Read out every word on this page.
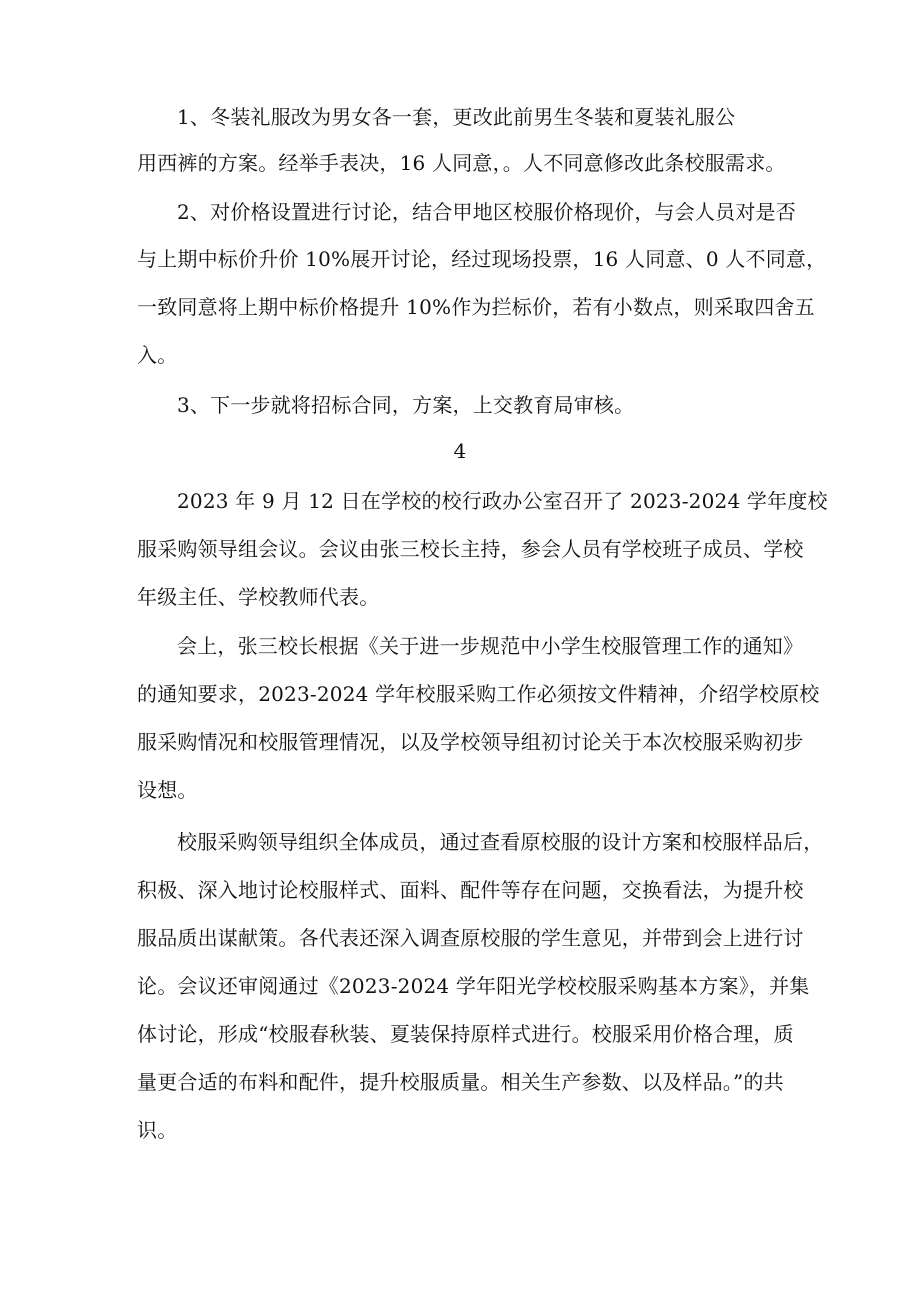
1、冬装礼服改为男女各一套，更改此前男生冬装和夏装礼服公
用西裤的方案。经举手表决，16 人同意，。人不同意修改此条校服需求。
2、对价格设置进行讨论，结合甲地区校服价格现价，与会人员对是否
与上期中标价升价 10%展开讨论，经过现场投票，16 人同意、0 人不同意，
一致同意将上期中标价格提升 10%作为拦标价，若有小数点，则采取四舍五
入。
3、下一步就将招标合同，方案，上交教育局审核。
4
2023 年 9 月 12 日在学校的校行政办公室召开了 2023-2024 学年度校
服采购领导组会议。会议由张三校长主持，参会人员有学校班子成员、学校
年级主任、学校教师代表。
会上，张三校长根据《关于进一步规范中小学生校服管理工作的通知》
的通知要求，2023-2024 学年校服采购工作必须按文件精神，介绍学校原校
服采购情况和校服管理情况，以及学校领导组初讨论关于本次校服采购初步
设想。
校服采购领导组织全体成员，通过查看原校服的设计方案和校服样品后，
积极、深入地讨论校服样式、面料、配件等存在问题，交换看法，为提升校
服品质出谋献策。各代表还深入调查原校服的学生意见，并带到会上进行讨
论。会议还审阅通过《2023-2024 学年阳光学校校服采购基本方案》，并集
体讨论，形成“校服春秋装、夏装保持原样式进行。校服采用价格合理，质
量更合适的布料和配件，提升校服质量。相关生产参数、以及样品。”的共
识。
